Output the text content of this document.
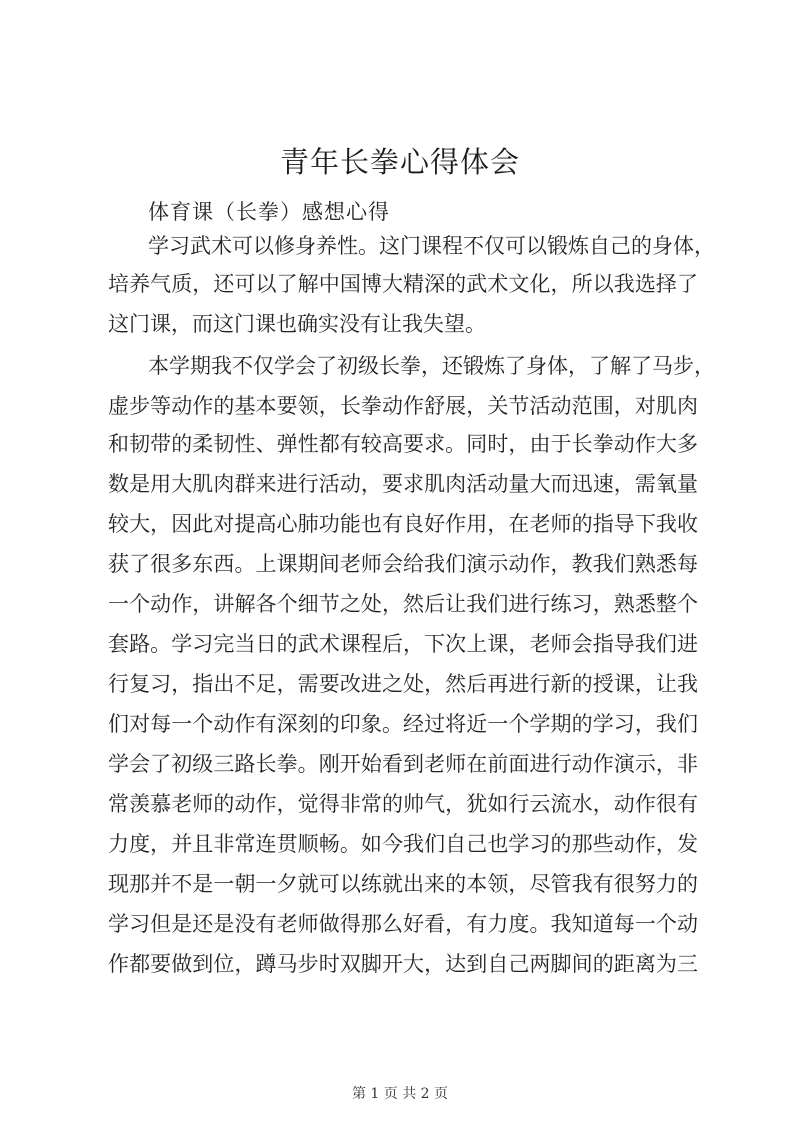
青年长拳心得体会
体育课（长拳）感想心得
学习武术可以修身养性。这门课程不仅可以锻炼自己的身体，
培养气质，还可以了解中国博大精深的武术文化，所以我选择了
这门课，而这门课也确实没有让我失望。
本学期我不仅学会了初级长拳，还锻炼了身体，了解了马步，
虚步等动作的基本要领，长拳动作舒展，关节活动范围，对肌肉
和韧带的柔韧性、弹性都有较高要求。同时，由于长拳动作大多
数是用大肌肉群来进行活动，要求肌肉活动量大而迅速，需氧量
较大，因此对提高心肺功能也有良好作用，在老师的指导下我收
获了很多东西。上课期间老师会给我们演示动作，教我们熟悉每
一个动作，讲解各个细节之处，然后让我们进行练习，熟悉整个
套路。学习完当日的武术课程后，下次上课，老师会指导我们进
行复习，指出不足，需要改进之处，然后再进行新的授课，让我
们对每一个动作有深刻的印象。经过将近一个学期的学习，我们
学会了初级三路长拳。刚开始看到老师在前面进行动作演示，非
常羡慕老师的动作，觉得非常的帅气，犹如行云流水，动作很有
力度，并且非常连贯顺畅。如今我们自己也学习的那些动作，发
现那并不是一朝一夕就可以练就出来的本领，尽管我有很努力的
学习但是还是没有老师做得那么好看，有力度。我知道每一个动
作都要做到位，蹲马步时双脚开大，达到自己两脚间的距离为三
第 1 页 共 2 页
